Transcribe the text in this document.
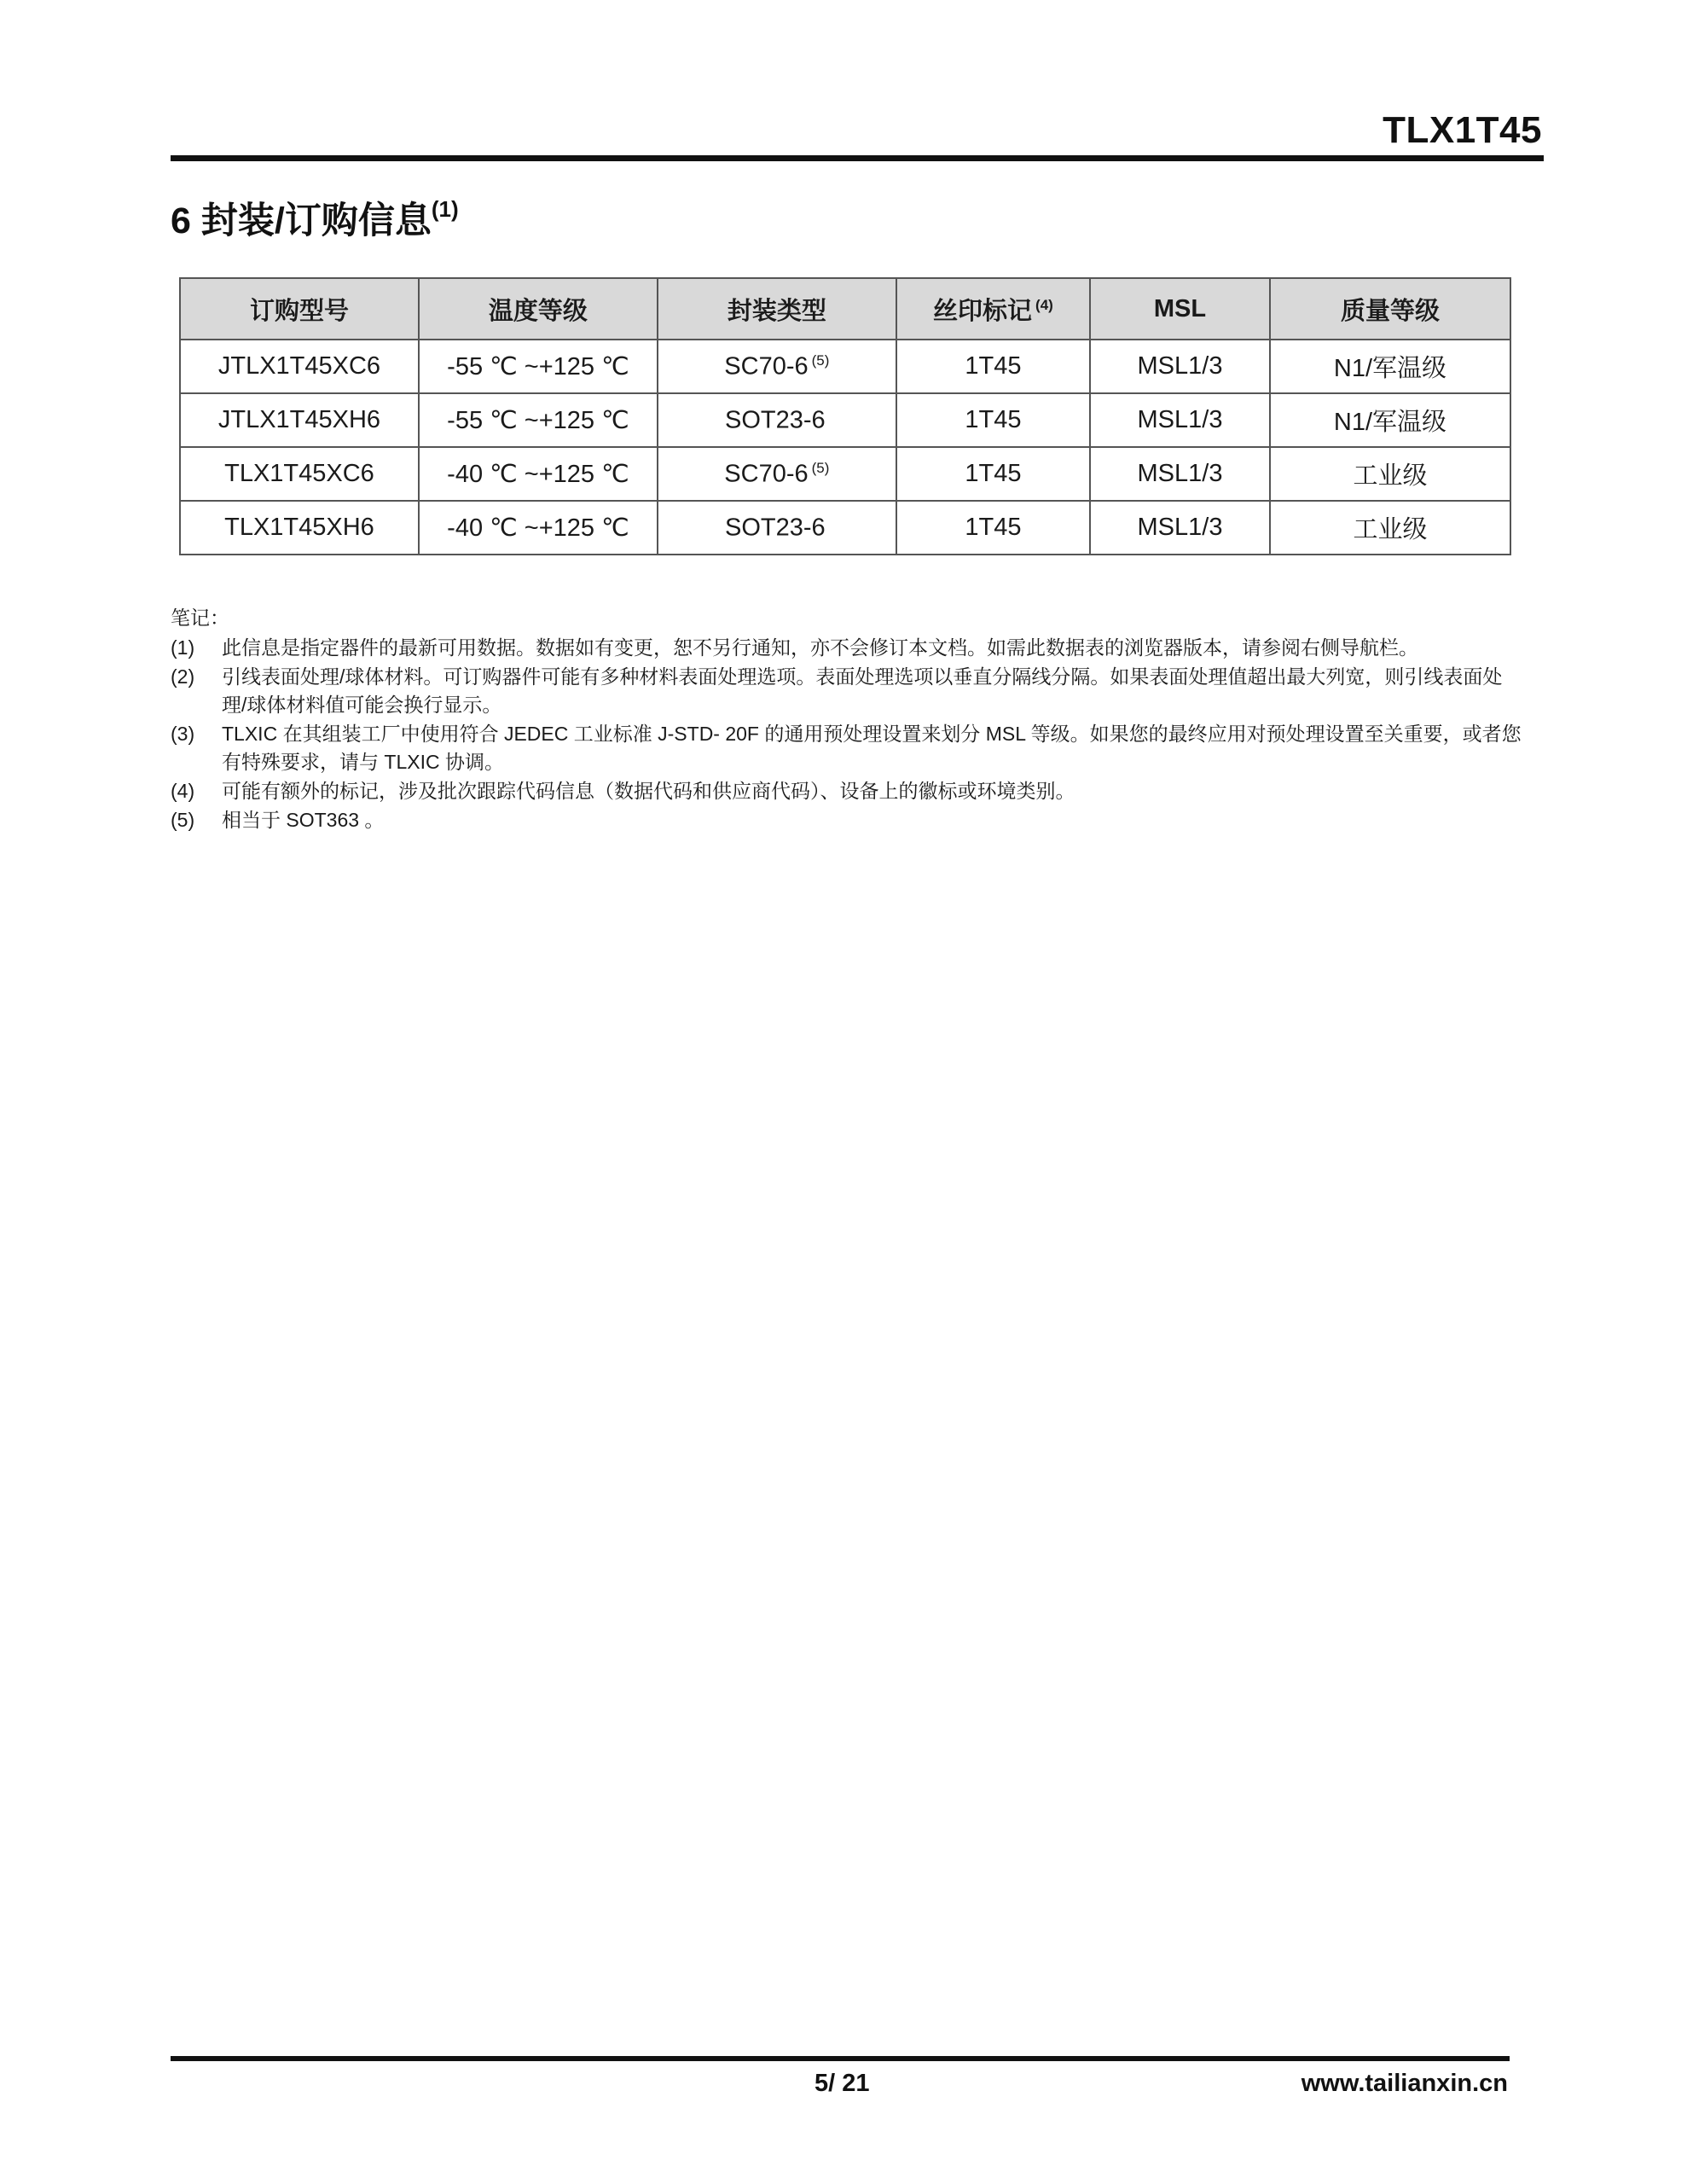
TLX1T45
6 封装/订购信息$^{(1)}$
订购型号	温度等级	封装类型	丝印标记 $^{(4)}$	MSL	质量等级
JTLX1T45XC6	-55 ℃ ~+125 ℃	SC70-6 $^{(5)}$	1T45	MSL1/3	N1/军温级
JTLX1T45XH6	-55 ℃ ~+125 ℃	SOT23-6	1T45	MSL1/3	N1/军温级
TLX1T45XC6	-40 ℃ ~+125 ℃	SC70-6 $^{(5)}$	1T45	MSL1/3	工业级
TLX1T45XH6	-40 ℃ ~+125 ℃	SOT23-6	1T45	MSL1/3	工业级
笔记：
(1)	此信息是指定器件的最新可用数据。数据如有变更，恕不另行通知，亦不会修订本文档。如需此数据表的浏览器版本，请参阅右侧导航栏。
(2)	引线表面处理/球体材料。可订购器件可能有多种材料表面处理选项。表面处理选项以垂直分隔线分隔。如果表面处理值超出最大列宽，则引线表面处理/球体材料值可能会换行显示。
(3)	TLXIC 在其组装工厂中使用符合 JEDEC 工业标准 J-STD- 20F 的通用预处理设置来划分 MSL 等级。如果您的最终应用对预处理设置至关重要，或者您有特殊要求，请与 TLXIC 协调。
(4)	可能有额外的标记，涉及批次跟踪代码信息（数据代码和供应商代码）、设备上的徽标或环境类别。
(5)	相当于 SOT363 。
5/ 21	www.tailianxin.cn
